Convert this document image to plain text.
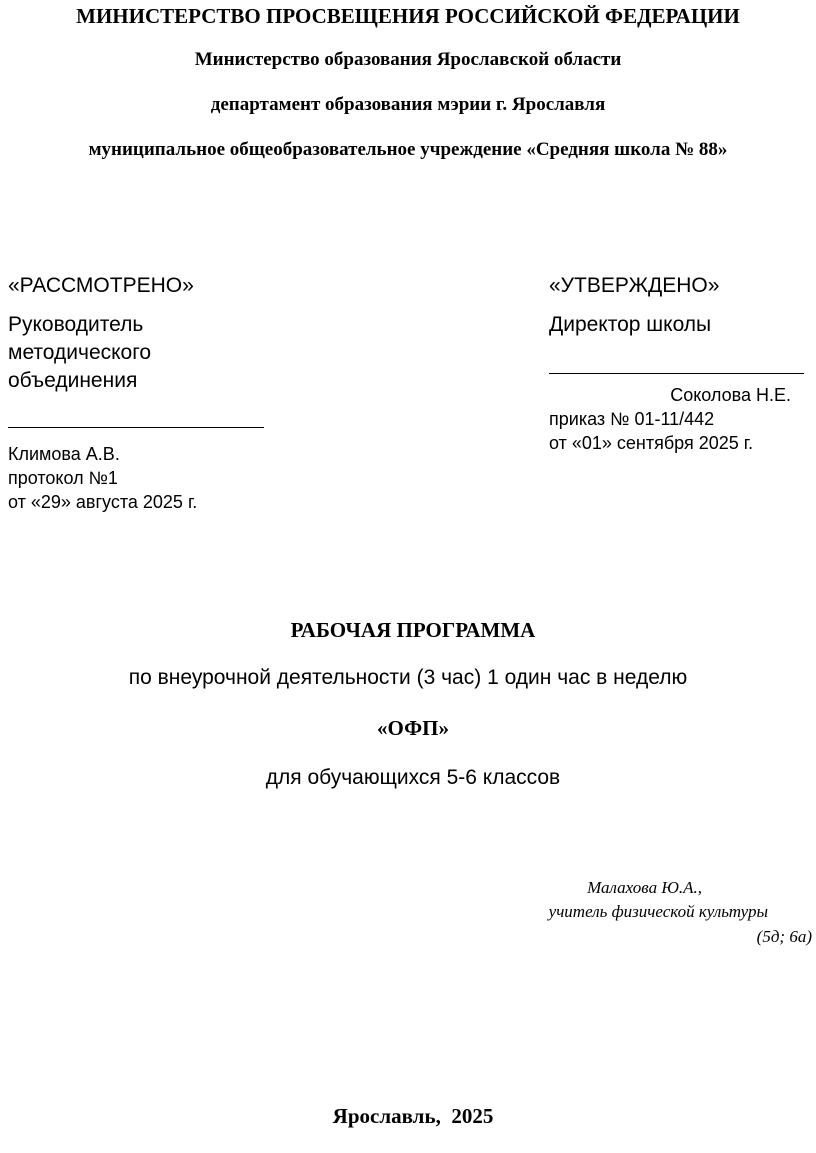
МИНИСТЕРСТВО ПРОСВЕЩЕНИЯ РОССИЙСКОЙ ФЕДЕРАЦИИ
Министерство образования Ярославской области
департамент образования мэрии г. Ярославля
муниципальное общеобразовательное учреждение «Средняя школа № 88»
«РАССМОТРЕНО»
Руководитель
методического
объединения
Климова А.В.
протокол №1
от «29» августа 2025 г.
«УТВЕРЖДЕНО»
Директор школы
Соколова Н.Е.
приказ № 01-11/442
от «01» сентября 2025 г.
РАБОЧАЯ ПРОГРАММА
по внеурочной деятельности (3 час) 1 один час в неделю
«ОФП»
для обучающихся 5-6 классов
Малахова Ю.А.,
учитель физической культуры
(5д; 6а)
Ярославль,  2025
